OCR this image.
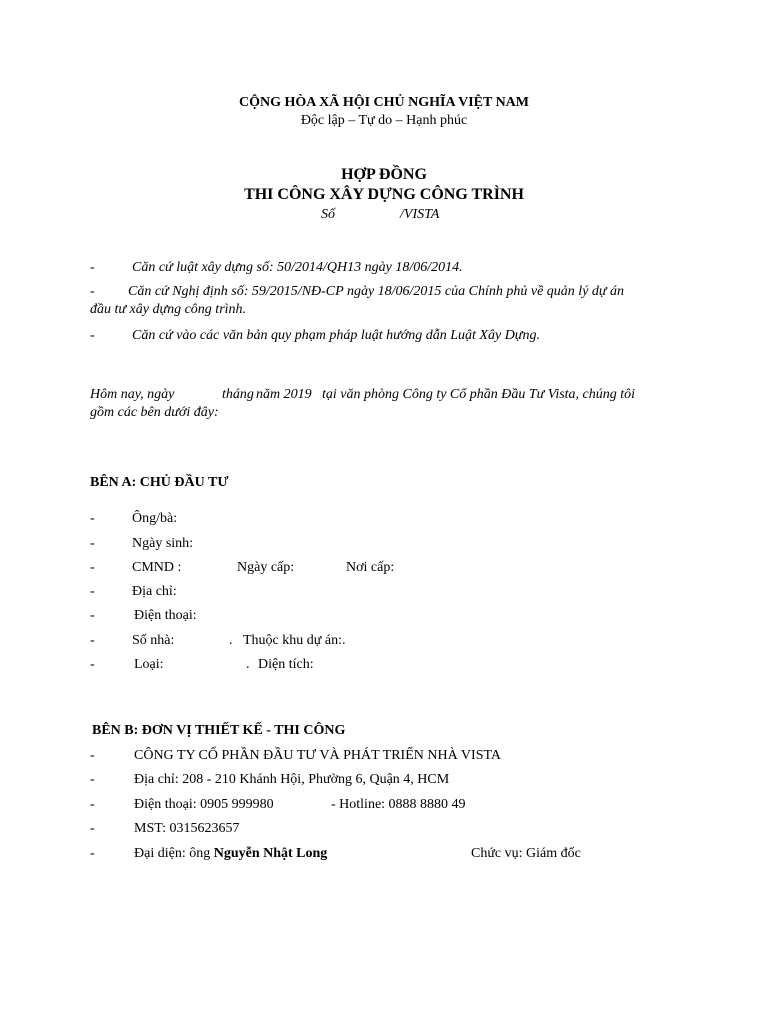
CỘNG HÒA XÃ HỘI CHỦ NGHĨA VIỆT NAM
Độc lập – Tự do – Hạnh phúc
HỢP ĐỒNG
THI CÔNG XÂY DỰNG CÔNG TRÌNH
Số	/VISTA
-	Căn cứ luật xây dựng số: 50/2014/QH13 ngày 18/06/2014.
- Căn cứ Nghị định số: 59/2015/NĐ-CP ngày 18/06/2015 của Chính phủ về quản lý dự án
đầu tư xây dựng công trình.
-	Căn cứ vào các văn bản quy phạm pháp luật hướng dẫn Luật Xây Dựng.
Hôm nay, ngày	tháng năm 2019 tại văn phòng Công ty Cổ phần Đầu Tư Vista, chúng tôi
gồm các bên dưới đây:
BÊN A: CHỦ ĐẦU TƯ
-	Ông/bà:
-	Ngày sinh:
-	CMND :	Ngày cấp:	Nơi cấp:
-	Địa chỉ:
-	Điện thoại:
-	Số nhà:	. Thuộc khu dự án:.
-	Loại:	. Diện tích:
BÊN B: ĐƠN VỊ THIẾT KẾ - THI CÔNG
-	CÔNG TY CỔ PHẦN ĐẦU TƯ VÀ PHÁT TRIỂN NHÀ VISTA
-	Địa chỉ: 208 - 210 Khánh Hội, Phường 6, Quận 4, HCM
-	Điện thoại: 0905 999980	- Hotline: 0888 8880 49
-	MST: 0315623657
-	Đại diện: ông Nguyễn Nhật Long	Chức vụ: Giám đốc
